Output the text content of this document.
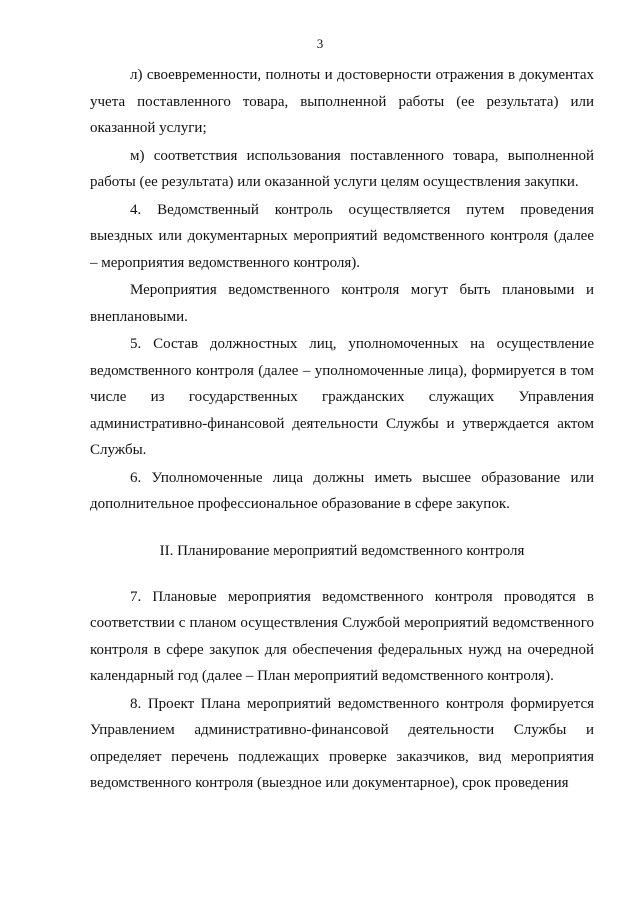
3

л) своевременности, полноты и достоверности отражения в документах учета поставленного товара, выполненной работы (ее результата) или оказанной услуги;

м) соответствия использования поставленного товара, выполненной работы (ее результата) или оказанной услуги целям осуществления закупки.

4. Ведомственный контроль осуществляется путем проведения выездных или документарных мероприятий ведомственного контроля (далее – мероприятия ведомственного контроля).

Мероприятия ведомственного контроля могут быть плановыми и внеплановыми.

5. Состав должностных лиц, уполномоченных на осуществление ведомственного контроля (далее – уполномоченные лица), формируется в том числе из государственных гражданских служащих Управления административно-финансовой деятельности Службы и утверждается актом Службы.

6. Уполномоченные лица должны иметь высшее образование или дополнительное профессиональное образование в сфере закупок.

II. Планирование мероприятий ведомственного контроля

7. Плановые мероприятия ведомственного контроля проводятся в соответствии с планом осуществления Службой мероприятий ведомственного контроля в сфере закупок для обеспечения федеральных нужд на очередной календарный год (далее – План мероприятий ведомственного контроля).

8. Проект Плана мероприятий ведомственного контроля формируется Управлением административно-финансовой деятельности Службы и определяет перечень подлежащих проверке заказчиков, вид мероприятия ведомственного контроля (выездное или документарное), срок проведения
